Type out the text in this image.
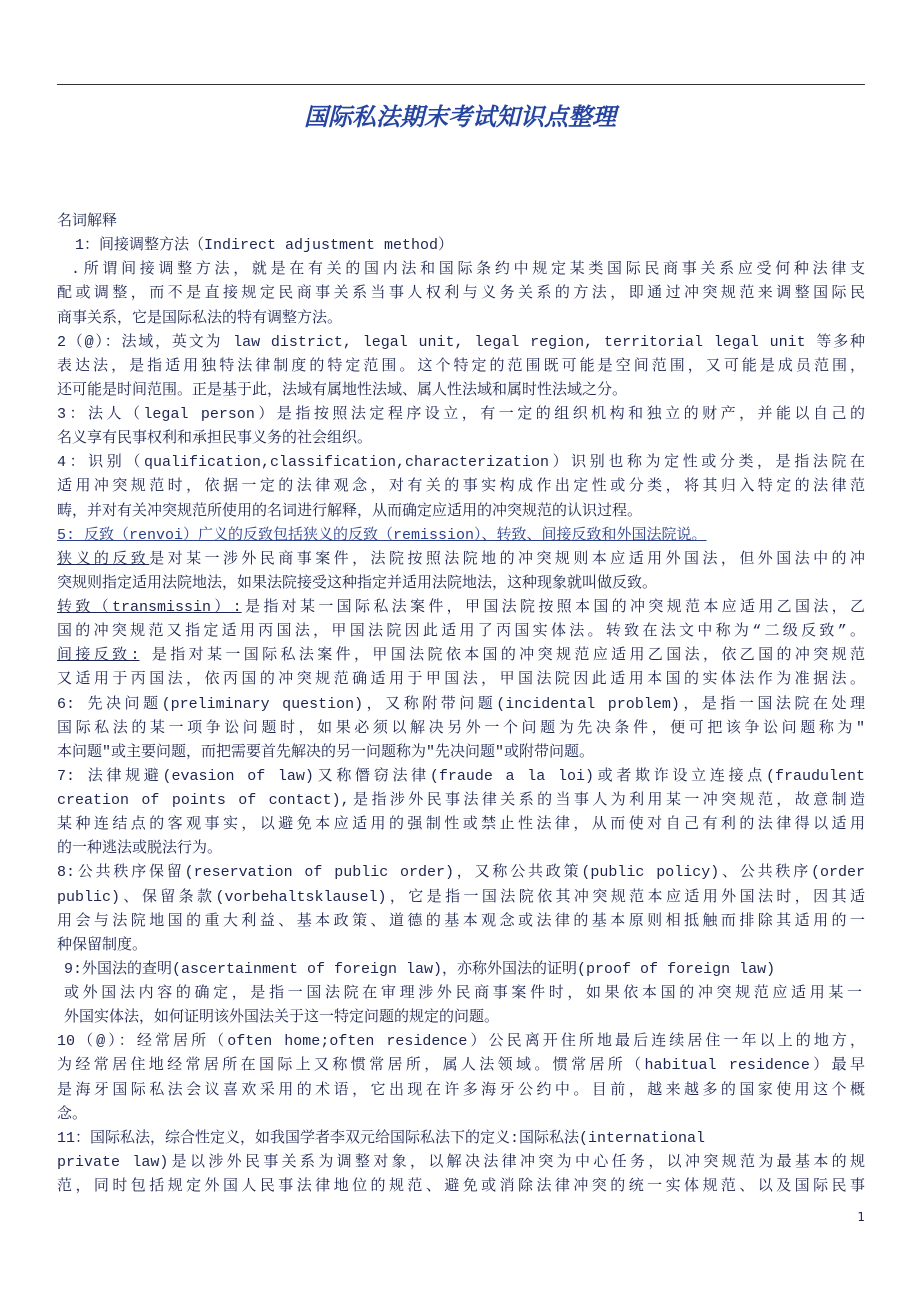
国际私法期末考试知识点整理
名词解释
1：间接调整方法（Indirect adjustment method）
.所谓间接调整方法，就是在有关的国内法和国际条约中规定某类国际民商事关系应受何种法律支
配或调整，而不是直接规定民商事关系当事人权利与义务关系的方法，即通过冲突规范来调整国际民
商事关系，它是国际私法的特有调整方法。
2（@）：法域，英文为 law district, legal unit, legal region, territorial legal unit 等多种
表达法，是指适用独特法律制度的特定范围。这个特定的范围既可能是空间范围，又可能是成员范围，
还可能是时间范围。正是基于此，法域有属地性法域、属人性法域和属时性法域之分。
3：法人（legal person）是指按照法定程序设立，有一定的组织机构和独立的财产，并能以自己的
名义享有民事权利和承担民事义务的社会组织。
4：识别（qualification,classification,characterization）识别也称为定性或分类，是指法院在
适用冲突规范时，依据一定的法律观念，对有关的事实构成作出定性或分类，将其归入特定的法律范
畴，并对有关冲突规范所使用的名词进行解释，从而确定应适用的冲突规范的认识过程。
5: 反致（renvoi）广义的反致包括狭义的反致（remission）、转致、间接反致和外国法院说。
狭义的反致是对某一涉外民商事案件，法院按照法院地的冲突规则本应适用外国法，但外国法中的冲
突规则指定适用法院地法，如果法院接受这种指定并适用法院地法，这种现象就叫做反致。
转致（transmissin）:是指对某一国际私法案件，甲国法院按照本国的冲突规范本应适用乙国法，乙
国的冲突规范又指定适用丙国法，甲国法院因此适用了丙国实体法。转致在法文中称为“二级反致”。
间接反致: 是指对某一国际私法案件，甲国法院依本国的冲突规范应适用乙国法，依乙国的冲突规范
又适用于丙国法，依丙国的冲突规范确适用于甲国法，甲国法院因此适用本国的实体法作为准据法。
6: 先决问题(preliminary question)，又称附带问题(incidental problem)，是指一国法院在处理
国际私法的某一项争讼问题时，如果必须以解决另外一个问题为先决条件，便可把该争讼问题称为"
本问题"或主要问题，而把需要首先解决的另一问题称为"先决问题"或附带问题。
7: 法律规避(evasion of law)又称僭窃法律(fraude a la loi)或者欺诈设立连接点(fraudulent
creation of points of contact),是指涉外民事法律关系的当事人为利用某一冲突规范，故意制造
某种连结点的客观事实，以避免本应适用的强制性或禁止性法律，从而使对自己有利的法律得以适用
的一种逃法或脱法行为。
8:公共秩序保留(reservation of public order)，又称公共政策(public policy)、公共秩序(order
public)、保留条款(vorbehaltsklausel)，它是指一国法院依其冲突规范本应适用外国法时，因其适
用会与法院地国的重大利益、基本政策、道德的基本观念或法律的基本原则相抵触而排除其适用的一
种保留制度。
9:外国法的查明(ascertainment of foreign law)，亦称外国法的证明(proof of foreign law)
或外国法内容的确定，是指一国法院在审理涉外民商事案件时，如果依本国的冲突规范应适用某一
外国实体法，如何证明该外国法关于这一特定问题的规定的问题。
10（@）：经常居所（often home;often residence）公民离开住所地最后连续居住一年以上的地方，
为经常居住地经常居所在国际上又称惯常居所，属人法领域。惯常居所（habitual residence）最早
是海牙国际私法会议喜欢采用的术语，它出现在许多海牙公约中。目前，越来越多的国家使用这个概
念。
11：国际私法，综合性定义，如我国学者李双元给国际私法下的定义:国际私法(international
private law)是以涉外民事关系为调整对象，以解决法律冲突为中心任务，以冲突规范为最基本的规
范，同时包括规定外国人民事法律地位的规范、避免或消除法律冲突的统一实体规范、以及国际民事
1
